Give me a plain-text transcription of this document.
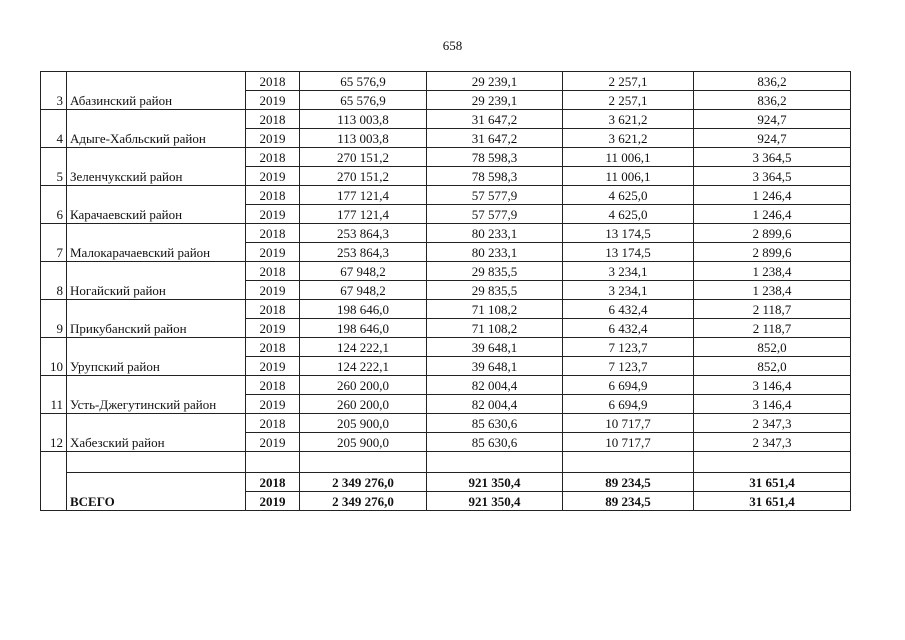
658
3	Абазинский район	2018	65 576,9	29 239,1	2 257,1	836,2
		2019	65 576,9	29 239,1	2 257,1	836,2
4	Адыге-Хабльский район	2018	113 003,8	31 647,2	3 621,2	924,7
		2019	113 003,8	31 647,2	3 621,2	924,7
5	Зеленчукский район	2018	270 151,2	78 598,3	11 006,1	3 364,5
		2019	270 151,2	78 598,3	11 006,1	3 364,5
6	Карачаевский район	2018	177 121,4	57 577,9	4 625,0	1 246,4
		2019	177 121,4	57 577,9	4 625,0	1 246,4
7	Малокарачаевский район	2018	253 864,3	80 233,1	13 174,5	2 899,6
		2019	253 864,3	80 233,1	13 174,5	2 899,6
8	Ногайский район	2018	67 948,2	29 835,5	3 234,1	1 238,4
		2019	67 948,2	29 835,5	3 234,1	1 238,4
9	Прикубанский район	2018	198 646,0	71 108,2	6 432,4	2 118,7
		2019	198 646,0	71 108,2	6 432,4	2 118,7
10	Урупский район	2018	124 222,1	39 648,1	7 123,7	852,0
		2019	124 222,1	39 648,1	7 123,7	852,0
11	Усть-Джегутинский район	2018	260 200,0	82 004,4	6 694,9	3 146,4
		2019	260 200,0	82 004,4	6 694,9	3 146,4
12	Хабезский район	2018	205 900,0	85 630,6	10 717,7	2 347,3
		2019	205 900,0	85 630,6	10 717,7	2 347,3

	ВСЕГО	2018	2 349 276,0	921 350,4	89 234,5	31 651,4
		2019	2 349 276,0	921 350,4	89 234,5	31 651,4
